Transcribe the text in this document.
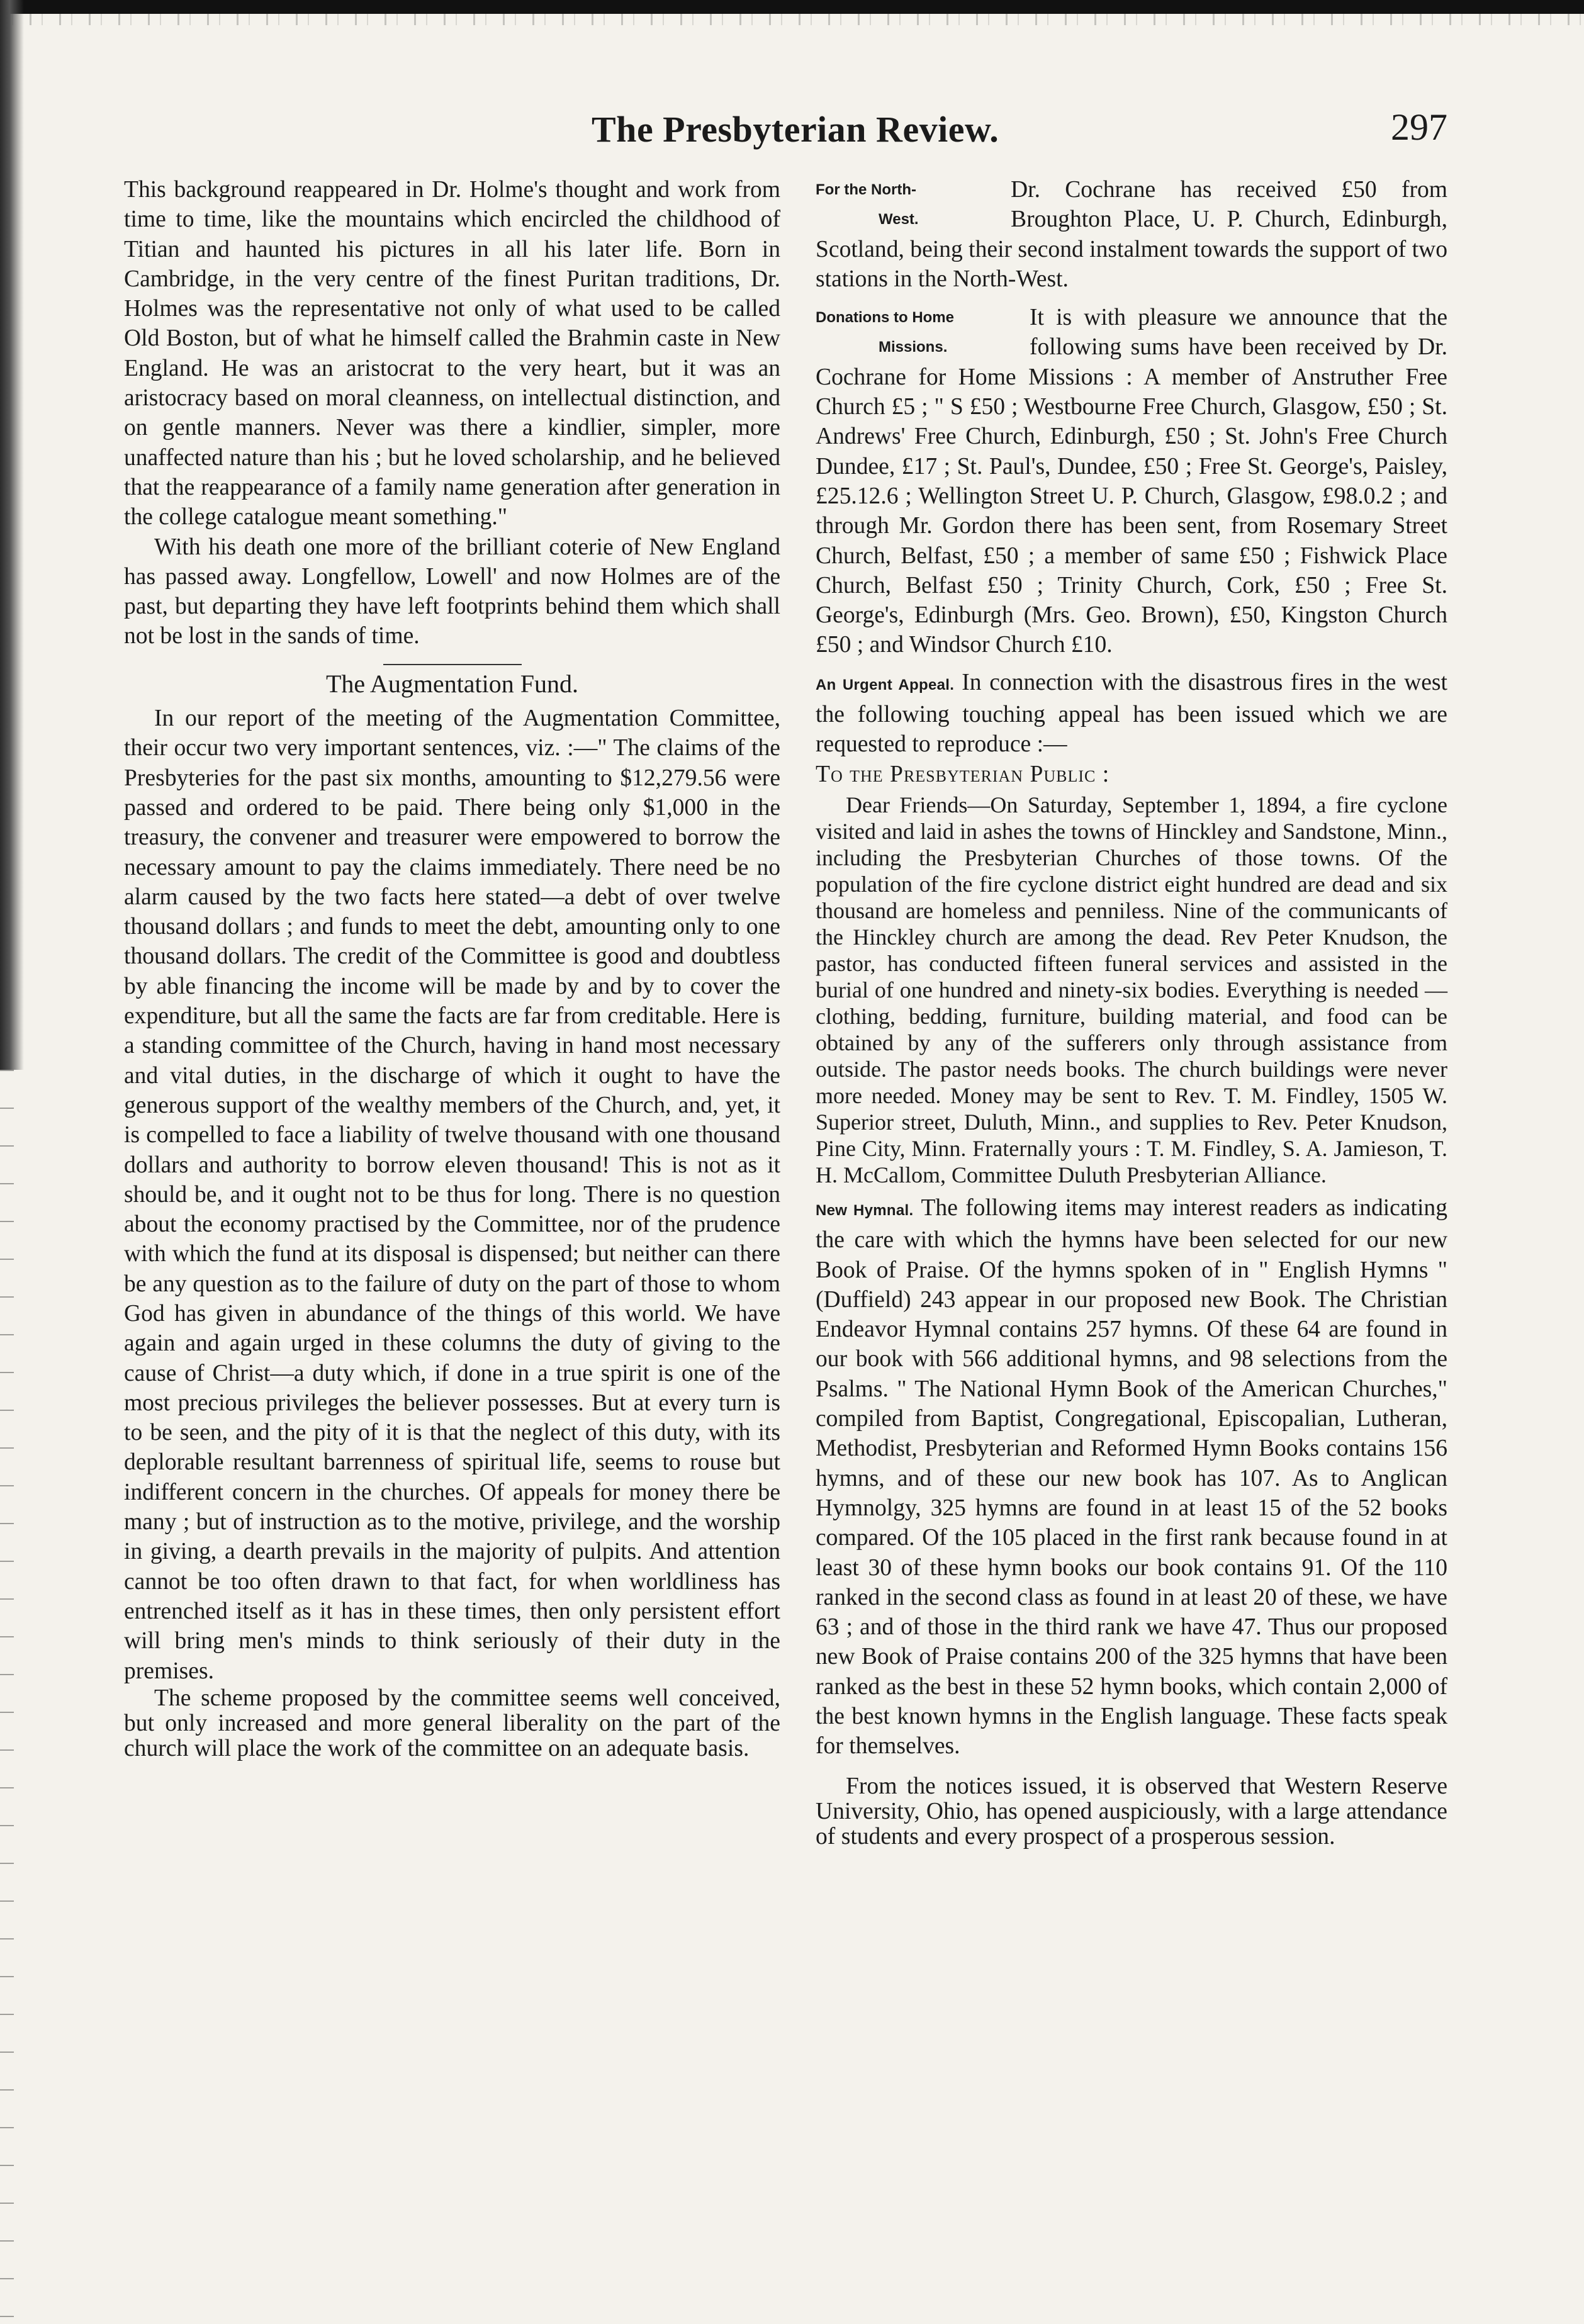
The Presbyterian Review.	297

This background reappeared in Dr. Holme's thought and work from time to time, like the mountains which encircled the childhood of Titian and haunted his pictures in all his later life. Born in Cambridge, in the very centre of the finest Puritan traditions, Dr. Holmes was the representative not only of what used to be called Old Boston, but of what he himself called the Brahmin caste in New England. He was an aristocrat to the very heart, but it was an aristocracy based on moral cleanness, on intellectual distinction, and on gentle manners. Never was there a kindlier, simpler, more unaffected nature than his ; but he loved scholarship, and he believed that the reappearance of a family name generation after generation in the college catalogue meant something."

With his death one more of the brilliant coterie of New England has passed away. Longfellow, Lowell' and now Holmes are of the past, but departing they have left footprints behind them which shall not be lost in the sands of time.

The Augmentation Fund.

In our report of the meeting of the Augmentation Committee, their occur two very important sentences, viz. :—" The claims of the Presbyteries for the past six months, amounting to $12,279.56 were passed and ordered to be paid. There being only $1,000 in the treasury, the convener and treasurer were empowered to borrow the necessary amount to pay the claims immediately. There need be no alarm caused by the two facts here stated—a debt of over twelve thousand dollars ; and funds to meet the debt, amounting only to one thousand dollars. The credit of the Committee is good and doubtless by able financing the income will be made by and by to cover the expenditure, but all the same the facts are far from creditable. Here is a standing committee of the Church, having in hand most necessary and vital duties, in the discharge of which it ought to have the generous support of the wealthy members of the Church, and, yet, it is compelled to face a liability of twelve thousand with one thousand dollars and authority to borrow eleven thousand! This is not as it should be, and it ought not to be thus for long. There is no question about the economy practised by the Committee, nor of the prudence with which the fund at its disposal is dispensed; but neither can there be any question as to the failure of duty on the part of those to whom God has given in abundance of the things of this world. We have again and again urged in these columns the duty of giving to the cause of Christ—a duty which, if done in a true spirit is one of the most precious privileges the believer possesses. But at every turn is to be seen, and the pity of it is that the neglect of this duty, with its deplorable resultant barrenness of spiritual life, seems to rouse but indifferent concern in the churches. Of appeals for money there be many ; but of instruction as to the motive, privilege, and the worship in giving, a dearth prevails in the majority of pulpits. And attention cannot be too often drawn to that fact, for when worldliness has entrenched itself as it has in these times, then only persistent effort will bring men's minds to think seriously of their duty in the premises.

The scheme proposed by the committee seems well conceived, but only increased and more general liberality on the part of the church will place the work of the committee on an adequate basis.

For the North-
West.

Dr. Cochrane has received £50 from Broughton Place, U. P. Church, Edinburgh, Scotland, being their second instalment towards the support of two stations in the North-West.

Donations to Home
Missions.

It is with pleasure we announce that the following sums have been received by Dr. Cochrane for Home Missions : A member of Anstruther Free Church £5 ; " S £50 ; Westbourne Free Church, Glasgow, £50 ; St. Andrews' Free Church, Edinburgh, £50 ; St. John's Free Church Dundee, £17 ; St. Paul's, Dundee, £50 ; Free St. George's, Paisley, £25.12.6 ; Wellington Street U. P. Church, Glasgow, £98.0.2 ; and through Mr. Gordon there has been sent, from Rosemary Street Church, Belfast, £50 ; a member of same £50 ; Fishwick Place Church, Belfast £50 ; Trinity Church, Cork, £50 ; Free St. George's, Edinburgh (Mrs. Geo. Brown), £50, Kingston Church £50 ; and Windsor Church £10.

An Urgent Appeal. In connection with the disastrous fires in the west the following touching appeal has been issued which we are requested to reproduce :—

To the Presbyterian Public :

Dear Friends—On Saturday, September 1, 1894, a fire cyclone visited and laid in ashes the towns of Hinckley and Sandstone, Minn., including the Presbyterian Churches of those towns. Of the population of the fire cyclone district eight hundred are dead and six thousand are homeless and penniless. Nine of the communicants of the Hinckley church are among the dead. Rev Peter Knudson, the pastor, has conducted fifteen funeral services and assisted in the burial of one hundred and ninety-six bodies. Everything is needed —clothing, bedding, furniture, building material, and food can be obtained by any of the sufferers only through assistance from outside. The pastor needs books. The church buildings were never more needed. Money may be sent to Rev. T. M. Findley, 1505 W. Superior street, Duluth, Minn., and supplies to Rev. Peter Knudson, Pine City, Minn. Fraternally yours : T. M. Findley, S. A. Jamieson, T. H. McCallom, Committee Duluth Presbyterian Alliance.

New Hymnal. The following items may interest readers as indicating the care with which the hymns have been selected for our new Book of Praise. Of the hymns spoken of in " English Hymns " (Duffield) 243 appear in our proposed new Book. The Christian Endeavor Hymnal contains 257 hymns. Of these 64 are found in our book with 566 additional hymns, and 98 selections from the Psalms. " The National Hymn Book of the American Churches," compiled from Baptist, Congregational, Episcopalian, Lutheran, Methodist, Presbyterian and Reformed Hymn Books contains 156 hymns, and of these our new book has 107. As to Anglican Hymnolgy, 325 hymns are found in at least 15 of the 52 books compared. Of the 105 placed in the first rank because found in at least 30 of these hymn books our book contains 91. Of the 110 ranked in the second class as found in at least 20 of these, we have 63 ; and of those in the third rank we have 47. Thus our proposed new Book of Praise contains 200 of the 325 hymns that have been ranked as the best in these 52 hymn books, which contain 2,000 of the best known hymns in the English language. These facts speak for themselves.

From the notices issued, it is observed that Western Reserve University, Ohio, has opened auspiciously, with a large attendance of students and every prospect of a prosperous session.
